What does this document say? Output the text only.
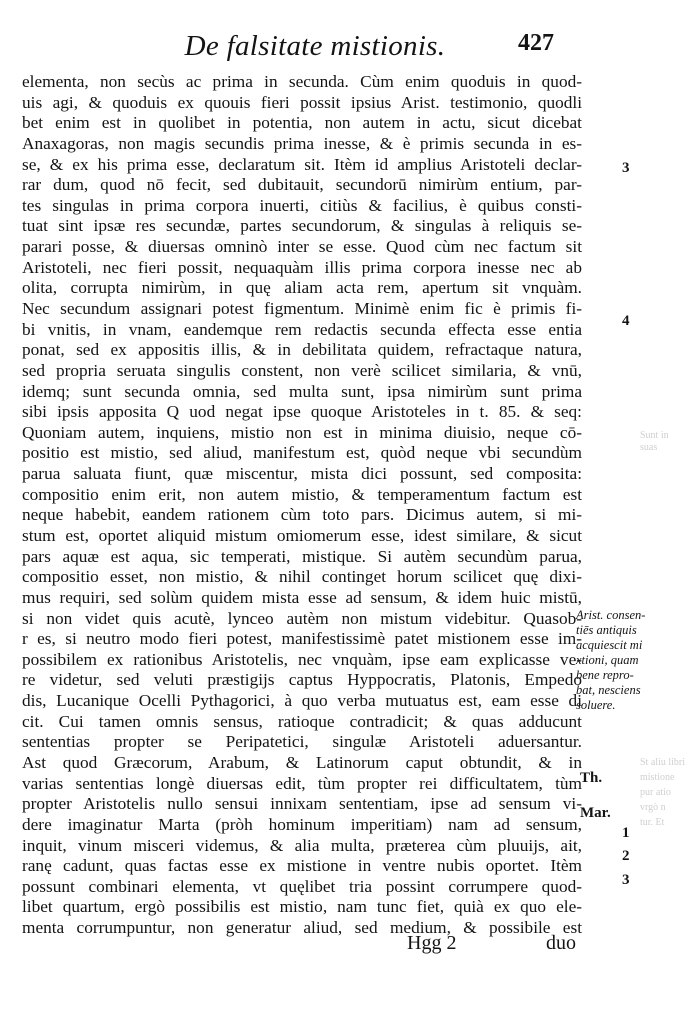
De falsitate mistionis.	427
elementa, non secùs ac prima in secunda. Cùm enim quoduis in quod-
uis agi, & quoduis ex quouis fieri possit ipsius Arist. testimonio, quodli
bet enim est in quolibet in potentia, non autem in actu, sicut dicebat
Anaxagoras, non magis secundis prima inesse, & è primis secunda in es-
se, & ex his prima esse, declaratum sit. Itèm id amplius Aristoteli declar-
rar dum, quod nō fecit, sed dubitauit, secundorū nimirùm entium, par-
tes singulas in prima corpora inuerti, citiùs & facilius, è quibus consti-
tuat sint ipsæ res secundæ, partes secundorum, & singulas à reliquis se-
parari posse, & diuersas omninò inter se esse. Quod cùm nec factum sit
Aristoteli, nec fieri possit, nequaquàm illis prima corpora inesse nec ab
olita, corrupta nimirùm, in quę aliam acta rem, apertum sit vnquàm.
Nec secundum assignari potest figmentum. Minimè enim fic è primis fi-
bi vnitis, in vnam, eandemque rem redactis secunda effecta esse entia
ponat, sed ex appositis illis, & in debilitata quidem, refractaque natura,
sed propria seruata singulis constent, non verè scilicet similaria, & vnū,
idemq; sunt secunda omnia, sed multa sunt, ipsa nimirùm sunt prima
sibi ipsis apposita Q uod negat ipse quoque Aristoteles in t. 85. & seq:
Quoniam autem, inquiens, mistio non est in minima diuisio, neque cō-
positio est mistio, sed aliud, manifestum est, quòd neque vbi secundùm
parua saluata fiunt, quæ miscentur, mista dici possunt, sed composita:
compositio enim erit, non autem mistio, & temperamentum factum est
neque habebit, eandem rationem cùm toto pars. Dicimus autem, si mi-
stum est, oportet aliquid mistum omiomerum esse, idest similare, & sicut
pars aquæ est aqua, sic temperati, mistique. Si autèm secundùm parua,
compositio esset, non mistio, & nihil continget horum scilicet quę dixi-
mus requiri, sed solùm quidem mista esse ad sensum, & idem huic mistū,
si non videt quis acutè, lynceo autèm non mistum videbitur. Quasob-
r es, si neutro modo fieri potest, manifestissimè patet mistionem esse im-
possibilem ex rationibus Aristotelis, nec vnquàm, ipse eam explicasse ve-
re videtur, sed veluti præstigijs captus Hyppocratis, Platonis, Empedo
dis, Lucanique Ocelli Pythagorici, à quo verba mutuatus est, eam esse di
cit. Cui tamen omnis sensus, ratioque contradicit; & quas adducunt
sententias propter se Peripatetici, singulæ Aristoteli aduersantur.
Ast quod Græcorum, Arabum, & Latinorum caput obtundit, & in
varias sententias longè diuersas edit, tùm propter rei difficultatem, tùm
propter Aristotelis nullo sensui innixam sententiam, ipse ad sensum vi-
dere imaginatur Marta (pròh hominum imperitiam) nam ad sensum,
inquit, vinum misceri videmus, & alia multa, præterea cùm pluuijs, ait,
ranę cadunt, quas factas esse ex mistione in ventre nubis oportet. Itèm
possunt combinari elementa, vt quęlibet tria possint corrumpere quod-
libet quartum, ergò possibilis est mistio, nam tunc fiet, quià ex quo ele-
menta corrumpuntur, non generatur aliud, sed medium, & possibile est
3
4
Arist. consen-
tiēs antiquis
acquiescit mi
xtioni, quam
bene repro-
bat, nesciens
soluere.
Th.
Mar.
1
2
3
Sunt in
suas
St aliu libri
mistione
pur atio
vrgò n
tur. Et
Hgg 2	duo
